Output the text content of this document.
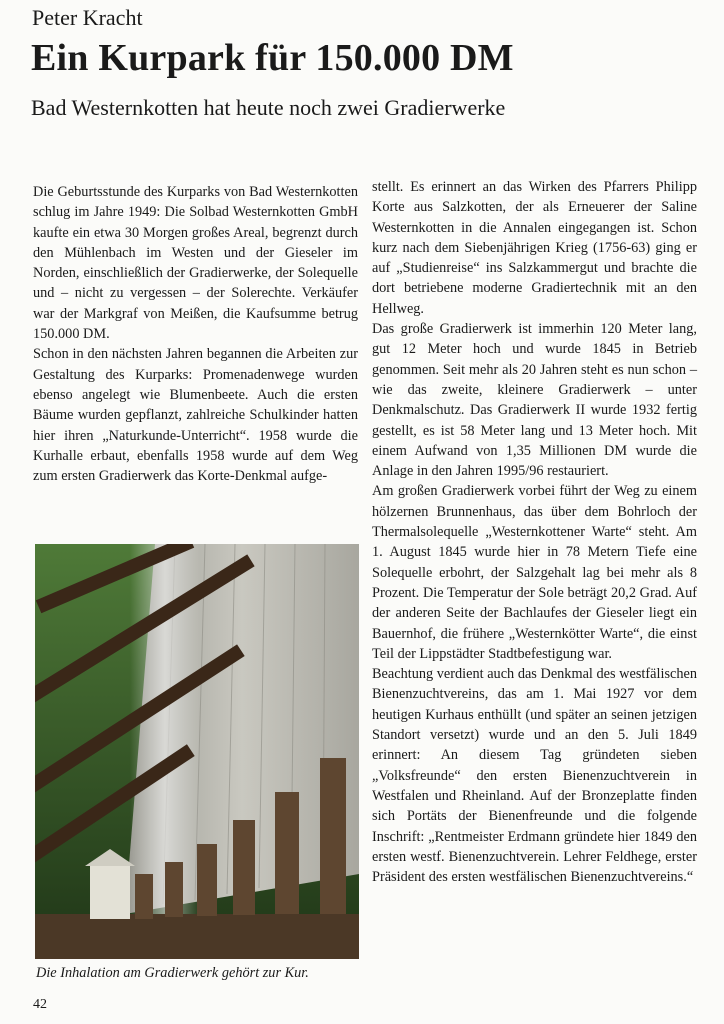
Peter Kracht
Ein Kurpark für 150.000 DM
Bad Westernkotten hat heute noch zwei Gradierwerke

Die Geburtsstunde des Kurparks von Bad Westernkotten schlug im Jahre 1949: Die Solbad Westernkotten GmbH kaufte ein etwa 30 Morgen großes Areal, begrenzt durch den Mühlenbach im Westen und der Gieseler im Norden, einschließlich der Gradierwerke, der Solequelle und – nicht zu vergessen – der Solerechte. Verkäufer war der Markgraf von Meißen, die Kaufsumme betrug 150.000 DM.

Schon in den nächsten Jahren begannen die Arbeiten zur Gestaltung des Kurparks: Promenadenwege wurden ebenso angelegt wie Blumenbeete. Auch die ersten Bäume wurden gepflanzt, zahlreiche Schulkinder hatten hier ihren „Naturkunde-Unterricht“. 1958 wurde die Kurhalle erbaut, ebenfalls 1958 wurde auf dem Weg zum ersten Gradierwerk das Korte-Denkmal aufge-

Die Inhalation am Gradierwerk gehört zur Kur.

stellt. Es erinnert an das Wirken des Pfarrers Philipp Korte aus Salzkotten, der als Erneuerer der Saline Westernkotten in die Annalen eingegangen ist. Schon kurz nach dem Siebenjährigen Krieg (1756-63) ging er auf „Studienreise“ ins Salzkammergut und brachte die dort betriebene moderne Gradiertechnik mit an den Hellweg.

Das große Gradierwerk ist immerhin 120 Meter lang, gut 12 Meter hoch und wurde 1845 in Betrieb genommen. Seit mehr als 20 Jahren steht es nun schon – wie das zweite, kleinere Gradierwerk – unter Denkmalschutz. Das Gradierwerk II wurde 1932 fertig gestellt, es ist 58 Meter lang und 13 Meter hoch. Mit einem Aufwand von 1,35 Millionen DM wurde die Anlage in den Jahren 1995/96 restauriert.

Am großen Gradierwerk vorbei führt der Weg zu einem hölzernen Brunnenhaus, das über dem Bohrloch der Thermalsolequelle „Westernkottener Warte“ steht. Am 1. August 1845 wurde hier in 78 Metern Tiefe eine Solequelle erbohrt, der Salzgehalt lag bei mehr als 8 Prozent. Die Temperatur der Sole beträgt 20,2 Grad. Auf der anderen Seite der Bachlaufes der Gieseler liegt ein Bauernhof, die frühere „Westernkötter Warte“, die einst Teil der Lippstädter Stadtbefestigung war.

Beachtung verdient auch das Denkmal des westfälischen Bienenzuchtvereins, das am 1. Mai 1927 vor dem heutigen Kurhaus enthüllt (und später an seinen jetzigen Standort versetzt) wurde und an den 5. Juli 1849 erinnert: An diesem Tag gründeten sieben „Volksfreunde“ den ersten Bienenzuchtverein in Westfalen und Rheinland. Auf der Bronzeplatte finden sich Portäts der Bienenfreunde und die folgende Inschrift: „Rentmeister Erdmann gründete hier 1849 den ersten westf. Bienenzuchtverein. Lehrer Feldhege, erster Präsident des ersten westfälischen Bienenzuchtvereins.“

42
